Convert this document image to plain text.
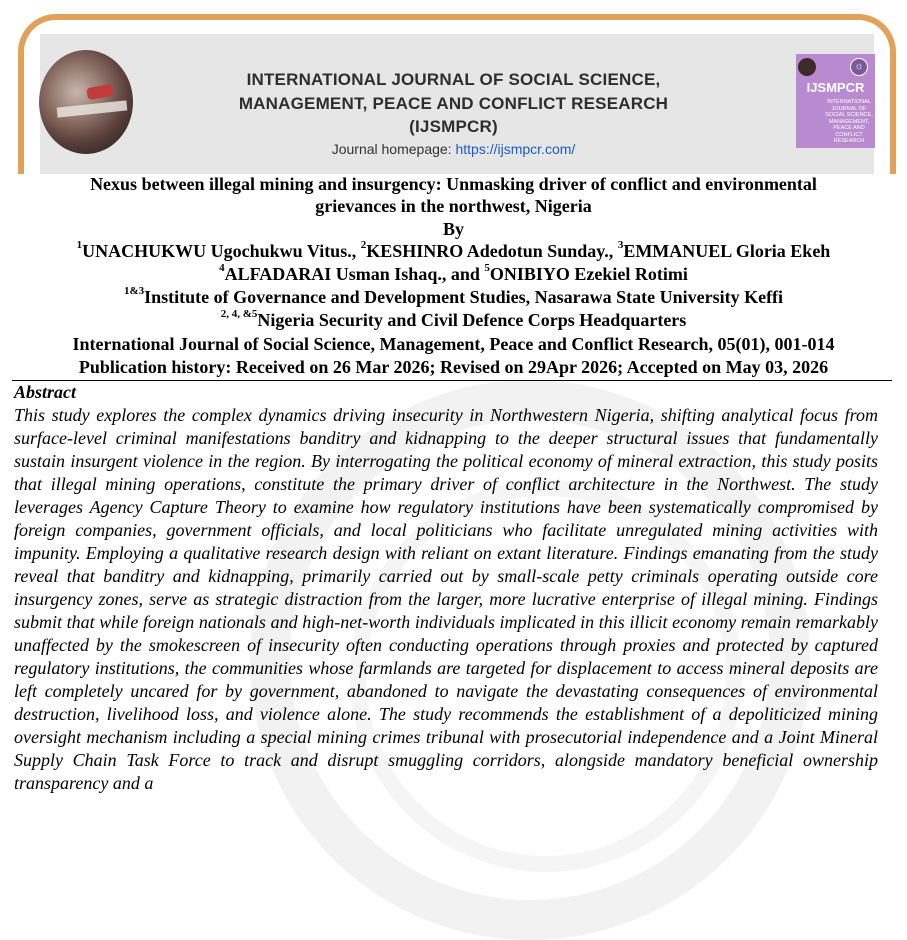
INTERNATIONAL JOURNAL OF SOCIAL SCIENCE,
MANAGEMENT, PEACE AND CONFLICT RESEARCH
(IJSMPCR)
Journal homepage: https://ijsmpcr.com/
☼
IJSMPCR
INTERNATIONAL JOURNAL OF SOCIAL SCIENCE, MANAGEMENT, PEACE AND CONFLICT RESEARCH
Nexus between illegal mining and insurgency: Unmasking driver of conflict and environmental
grievances in the northwest, Nigeria
By
$^1$UNACHUKWU Ugochukwu Vitus., $^2$KESHINRO Adedotun Sunday., $^3$EMMANUEL Gloria Ekeh
$^4$ALFADARAI Usman Ishaq., and $^5$ONIBIYO Ezekiel Rotimi
$^{1\&3}$Institute of Governance and Development Studies, Nasarawa State University Keffi
$^{2, 4, \&5}$Nigeria Security and Civil Defence Corps Headquarters
International Journal of Social Science, Management, Peace and Conflict Research, 05(01), 001-014
Publication history: Received on 26 Mar 2026; Revised on 29Apr 2026; Accepted on May 03, 2026
Abstract
This study explores the complex dynamics driving insecurity in Northwestern Nigeria, shifting analytical focus from surface-level criminal manifestations banditry and kidnapping to the deeper structural issues that fundamentally sustain insurgent violence in the region. By interrogating the political economy of mineral extraction, this study posits that illegal mining operations, constitute the primary driver of conflict architecture in the Northwest. The study leverages Agency Capture Theory to examine how regulatory institutions have been systematically compromised by foreign companies, government officials, and local politicians who facilitate unregulated mining activities with impunity. Employing a qualitative research design with reliant on extant literature. Findings emanating from the study reveal that banditry and kidnapping, primarily carried out by small-scale petty criminals operating outside core insurgency zones, serve as strategic distraction from the larger, more lucrative enterprise of illegal mining. Findings submit that while foreign nationals and high-net-worth individuals implicated in this illicit economy remain remarkably unaffected by the smokescreen of insecurity often conducting operations through proxies and protected by captured regulatory institutions, the communities whose farmlands are targeted for displacement to access mineral deposits are left completely uncared for by government, abandoned to navigate the devastating consequences of environmental destruction, livelihood loss, and violence alone. The study recommends the establishment of a depoliticized mining oversight mechanism including a special mining crimes tribunal with prosecutorial independence and a Joint Mineral Supply Chain Task Force to track and disrupt smuggling corridors, alongside mandatory beneficial ownership transparency and a
